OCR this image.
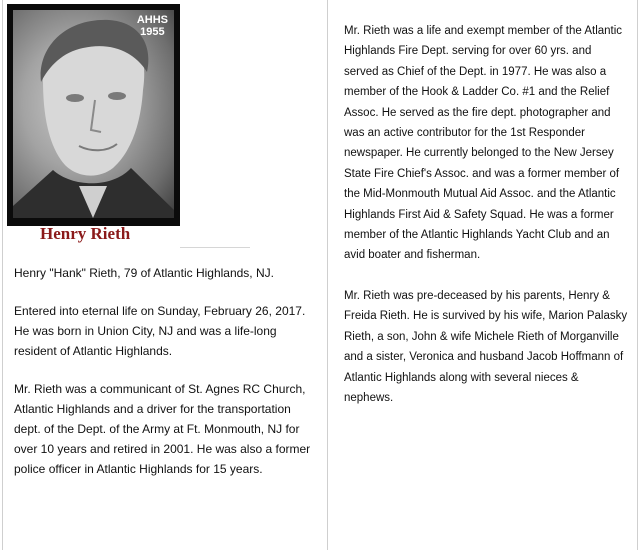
AHHS
1955
Henry Rieth

Henry "Hank" Rieth, 79 of Atlantic Highlands, NJ.

Entered into eternal life on Sunday, February 26, 2017. He was born in Union City, NJ and was a life-long resident of Atlantic Highlands.

Mr. Rieth was a communicant of St. Agnes RC Church, Atlantic Highlands and a driver for the transportation dept. of the Dept. of the Army at Ft. Monmouth, NJ for over 10 years and retired in 2001. He was also a former police officer in Atlantic Highlands for 15 years.

Mr. Rieth was a life and exempt member of the Atlantic Highlands Fire Dept. serving for over 60 yrs. and served as Chief of the Dept. in 1977. He was also a member of the Hook & Ladder Co. #1 and the Relief Assoc. He served as the fire dept. photographer and was an active contributor for the 1st Responder newspaper. He currently belonged to the New Jersey State Fire Chief's Assoc. and was a former member of the Mid-Monmouth Mutual Aid Assoc. and the Atlantic Highlands First Aid & Safety Squad. He was a former member of the Atlantic Highlands Yacht Club and an avid boater and fisherman.

Mr. Rieth was pre-deceased by his parents, Henry & Freida Rieth. He is survived by his wife, Marion Palasky Rieth, a son, John & wife Michele Rieth of Morganville and a sister, Veronica and husband Jacob Hoffmann of Atlantic Highlands along with several nieces & nephews.
